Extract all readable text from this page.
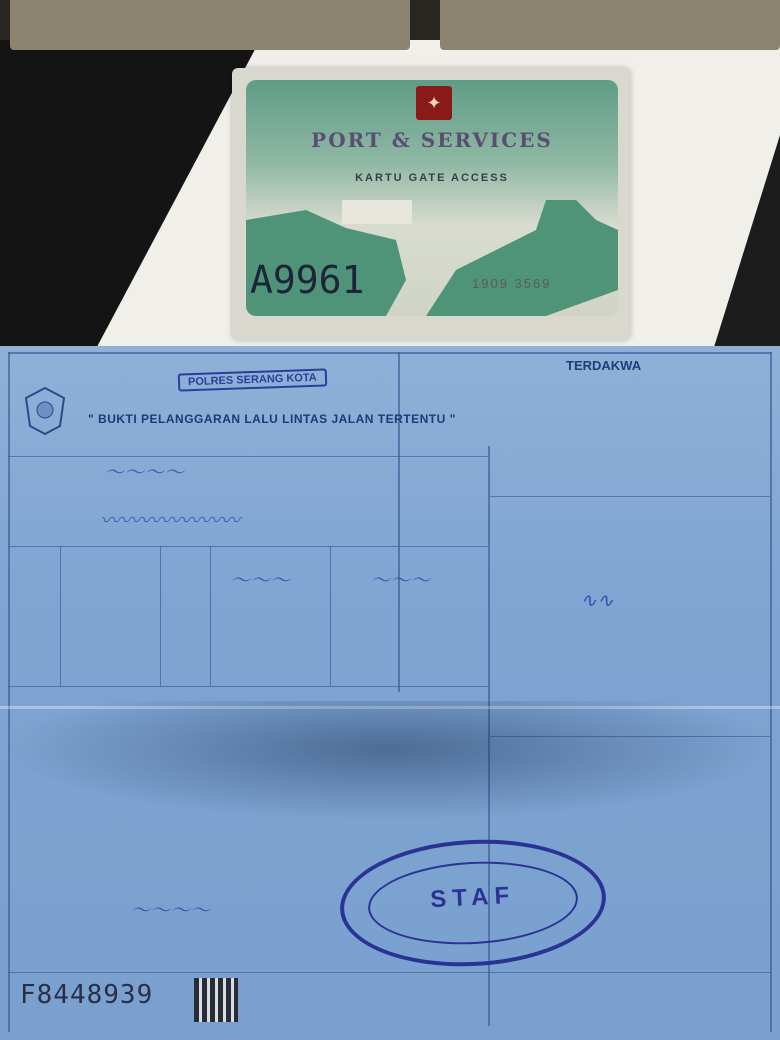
✦
PORT & SERVICES
KARTU GATE ACCESS
A9961	1909 3569
POLRES SERANG KOTA
" BUKTI PELANGGARAN LALU LINTAS JALAN TERTENTU "
TERDAKWA
〜〜〜〜
〰〰〰〰〰〰〰
〜〜〜	〜〜〜
∿∿
〜〜〜〜	STAF
F8448939
